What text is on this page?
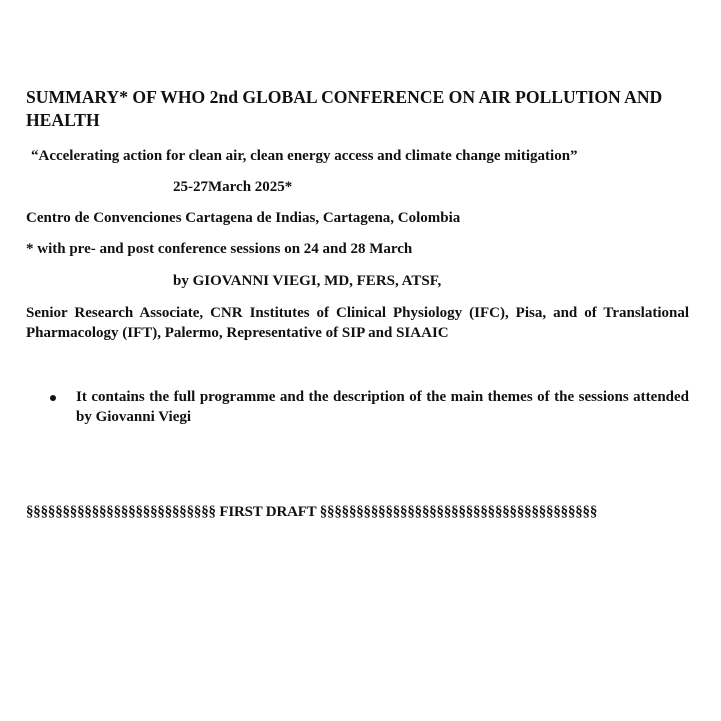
SUMMARY* OF WHO 2nd GLOBAL CONFERENCE ON AIR POLLUTION AND HEALTH

“Accelerating action for clean air, clean energy access and climate change mitigation”

25-27March 2025*

Centro de Convenciones Cartagena de Indias, Cartagena, Colombia

* with pre- and post conference sessions on 24 and 28 March

by GIOVANNI VIEGI, MD, FERS, ATSF,

Senior Research Associate, CNR Institutes of Clinical Physiology (IFC), Pisa, and of Translational Pharmacology (IFT), Palermo, Representative of SIP and SIAAIC

It contains the full programme and the description of the main themes of the sessions attended by Giovanni Viegi

§§§§§§§§§§§§§§§§§§§§§§§§§§ FIRST DRAFT §§§§§§§§§§§§§§§§§§§§§§§§§§§§§§§§§§§§§§
